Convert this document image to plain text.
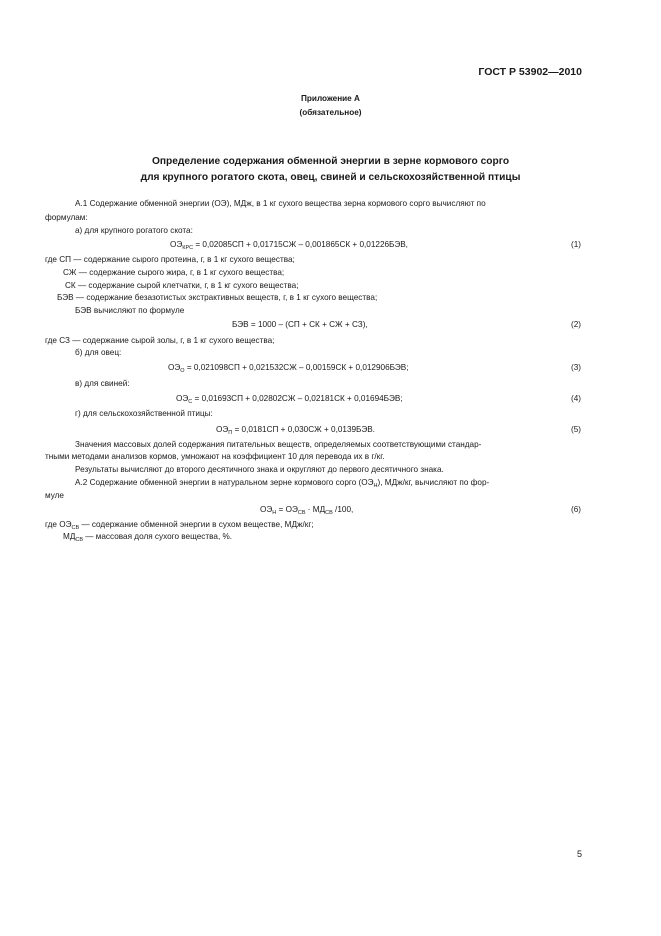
ГОСТ Р 53902—2010
Приложение А
(обязательное)
Определение содержания обменной энергии в зерне кормового сорго
для крупного рогатого скота, овец, свиней и сельскохозяйственной птицы
А.1 Содержание обменной энергии (ОЭ), МДж, в 1 кг сухого вещества зерна кормового сорго вычисляют по
формулам:
а) для крупного рогатого скота:
$ОЭ_{КРС} = 0,02085СП + 0,01715СЖ - 0,001865СК + 0,01226БЭВ$,	(1)
где СП — содержание сырого протеина, г, в 1 кг сухого вещества;
СЖ — содержание сырого жира, г, в 1 кг сухого вещества;
СК — содержание сырой клетчатки, г, в 1 кг сухого вещества;
БЭВ — содержание безазотистых экстрактивных веществ, г, в 1 кг сухого вещества;
БЭВ вычисляют по формуле
БЭВ = 1000 – (СП + СК + СЖ + СЗ),	(2)
где СЗ — содержание сырой золы, г, в 1 кг сухого вещества;
б) для овец:
$ОЭ_О = 0,021098СП + 0,021532СЖ - 0,00159СК + 0,012906БЭВ$;	(3)
в) для свиней:
$ОЭ_С = 0,01693СП + 0,02802СЖ - 0,02181СК + 0,01694БЭВ$;	(4)
г) для сельскохозяйственной птицы:
$ОЭ_П = 0,0181СП + 0,030СЖ + 0,0139БЭВ$.	(5)
Значения массовых долей содержания питательных веществ, определяемых соответствующими стандар-
тными методами анализов кормов, умножают на коэффициент 10 для перевода их в г/кг.
Результаты вычисляют до второго десятичного знака и округляют до первого десятичного знака.
А.2 Содержание обменной энергии в натуральном зерне кормового сорго $(ОЭ_Н)$, МДж/кг, вычисляют по фор-
муле
$ОЭ_Н = ОЭ_{СВ} \cdot МД_{СВ}$ /100,	(6)
где $ОЭ_{СВ}$ — содержание обменной энергии в сухом веществе, МДж/кг;
$МД_{СВ}$ — массовая доля сухого вещества, %.
5
